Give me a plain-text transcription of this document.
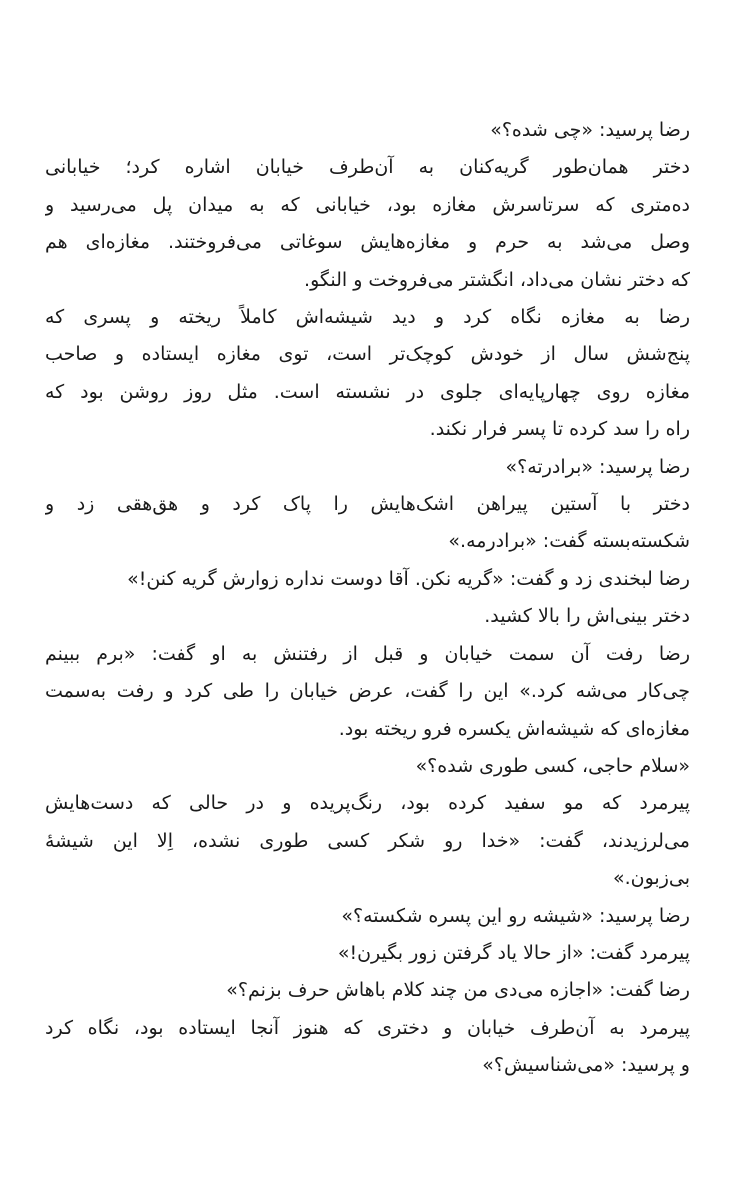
رضا پرسید: «چی شده؟»
دختر همان‌طور گریه‌کنان به آن‌طرف خیابان اشاره کرد؛ خیابانی
ده‌متری که سرتاسرش مغازه بود، خیابانی که به میدان پل می‌رسید و
وصل می‌شد به حرم و مغازه‌هایش سوغاتی می‌فروختند. مغازه‌ای هم
که دختر نشان می‌داد، انگشتر می‌فروخت و النگو.
رضا به مغازه نگاه کرد و دید شیشه‌اش کاملاً ریخته و پسری که
پنج‌شش سال از خودش کوچک‌تر است، توی مغازه ایستاده و صاحب
مغازه روی چهارپایه‌ای جلوی در نشسته است. مثل روز روشن بود که
راه را سد کرده تا پسر فرار نکند.
رضا پرسید: «برادرته؟»
دختر با آستین پیراهن اشک‌هایش را پاک کرد و هق‌هقی زد و
شکسته‌بسته گفت: «برادرمه.»
رضا لبخندی زد و گفت: «گریه نکن. آقا دوست نداره زوارش گریه کنن!»
دختر بینی‌اش را بالا کشید.
رضا رفت آن سمت خیابان و قبل از رفتنش به او گفت: «برم ببینم
چی‌کار می‌شه کرد.» این را گفت، عرض خیابان را طی کرد و رفت به‌سمت
مغازه‌ای که شیشه‌اش یکسره فرو ریخته بود.
«سلام حاجی، کسی طوری شده؟»
پیرمرد که مو سفید کرده بود، رنگ‌پریده و در حالی که دست‌هایش
می‌لرزیدند، گفت: «خدا رو شکر کسی طوری نشده، اِلا این شیشهٔ
بی‌زبون.»
رضا پرسید: «شیشه رو این پسره شکسته؟»
پیرمرد گفت: «از حالا یاد گرفتن زور بگیرن!»
رضا گفت: «اجازه می‌دی من چند کلام باهاش حرف بزنم؟»
پیرمرد به آن‌طرف خیابان و دختری که هنوز آنجا ایستاده بود، نگاه کرد
و پرسید: «می‌شناسیش؟»
